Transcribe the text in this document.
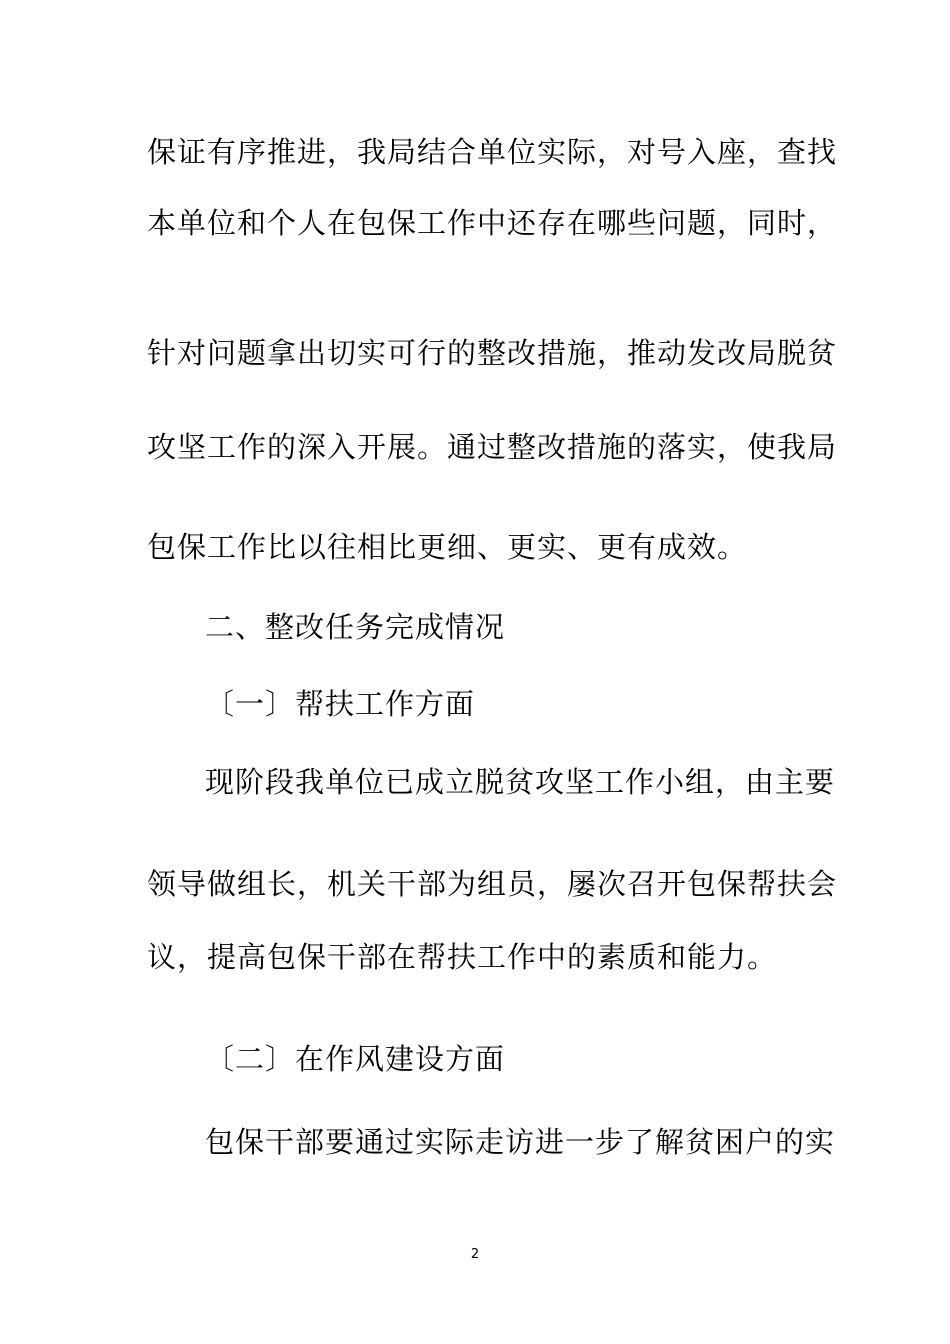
保证有序推进，我局结合单位实际，对号入座，查找
本单位和个人在包保工作中还存在哪些问题，同时，
针对问题拿出切实可行的整改措施，推动发改局脱贫
攻坚工作的深入开展。通过整改措施的落实，使我局
包保工作比以往相比更细、更实、更有成效。
二、整改任务完成情况
〔一〕帮扶工作方面
现阶段我单位已成立脱贫攻坚工作小组，由主要
领导做组长，机关干部为组员，屡次召开包保帮扶会
议，提高包保干部在帮扶工作中的素质和能力。
〔二〕在作风建设方面
包保干部要通过实际走访进一步了解贫困户的实
2
